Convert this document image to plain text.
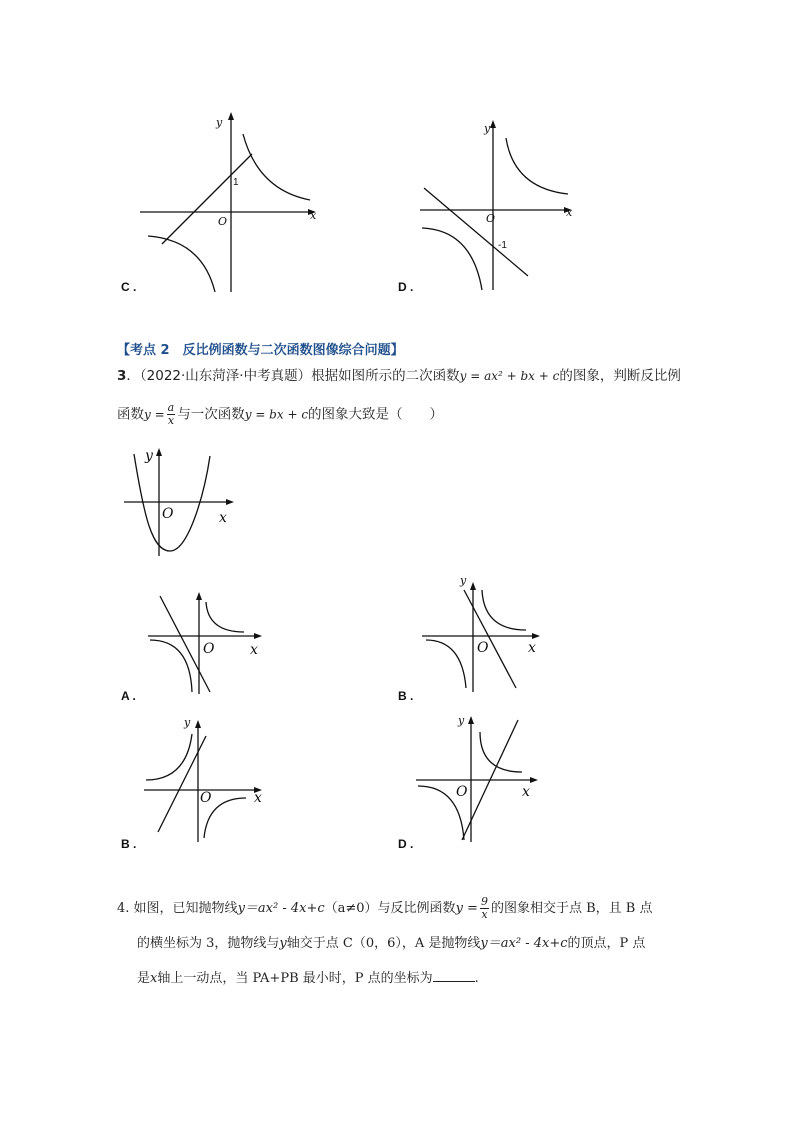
y
x
O
1
C .
y
x
O
-1
D .
【考点 2　反比例函数与二次函数图像综合问题】
3．（2022·山东菏泽·中考真题）根据如图所示的二次函数y = ax² + bx + c的图象，判断反比例
函数$y = \frac{a}{x}$ 与一次函数y = bx + c的图象大致是（　　）
y
x
O
x
O
A .
y
x
O
B .
y
x
O
B .
y
x
O
D .
4. 如图，已知抛物线y＝ax² - 4x+c（a≠0）与反比例函数$y = \frac{9}{x}$ 的图象相交于点 B，且 B 点
的横坐标为 3，抛物线与y轴交于点 C（0，6），A 是抛物线y＝ax² - 4x+c的顶点，P 点
是x轴上一动点，当 PA+PB 最小时，P 点的坐标为	.
